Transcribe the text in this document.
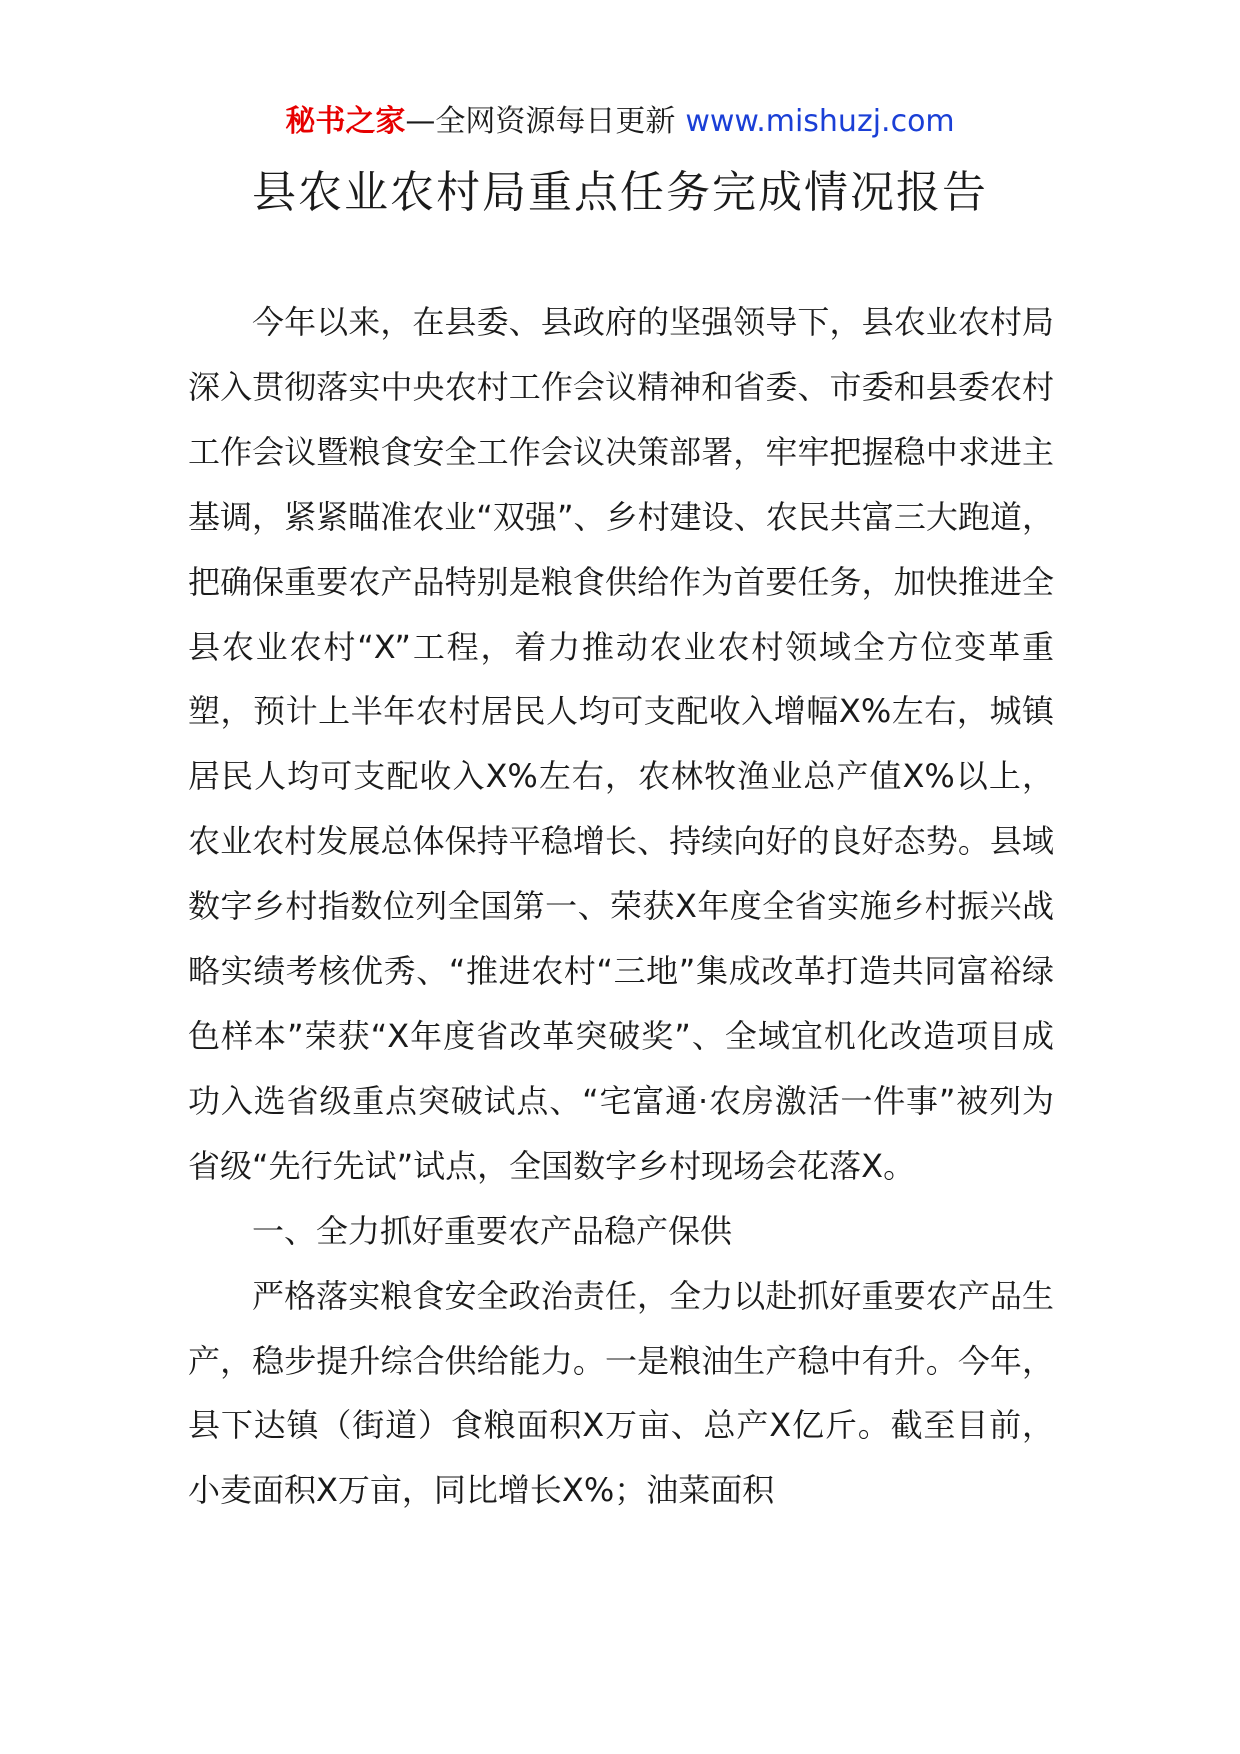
秘书之家—全网资源每日更新 www.mishuzj.com
县农业农村局重点任务完成情况报告

今年以来，在县委、县政府的坚强领导下，县农业农村局深入贯彻落实中央农村工作会议精神和省委、市委和县委农村工作会议暨粮食安全工作会议决策部署，牢牢把握稳中求进主基调，紧紧瞄准农业“双强”、乡村建设、农民共富三大跑道，把确保重要农产品特别是粮食供给作为首要任务，加快推进全县农业农村“X”工程，着力推动农业农村领域全方位变革重塑，预计上半年农村居民人均可支配收入增幅X%左右，城镇居民人均可支配收入X%左右，农林牧渔业总产值X%以上，农业农村发展总体保持平稳增长、持续向好的良好态势。县域数字乡村指数位列全国第一、荣获X年度全省实施乡村振兴战略实绩考核优秀、“推进农村“三地”集成改革打造共同富裕绿色样本”荣获“X年度省改革突破奖”、全域宜机化改造项目成功入选省级重点突破试点、“宅富通·农房激活一件事”被列为省级“先行先试”试点，全国数字乡村现场会花落X。

一、全力抓好重要农产品稳产保供

严格落实粮食安全政治责任，全力以赴抓好重要农产品生产，稳步提升综合供给能力。一是粮油生产稳中有升。今年，县下达镇（街道）食粮面积X万亩、总产X亿斤。截至目前，小麦面积X万亩，同比增长X%；油菜面积
